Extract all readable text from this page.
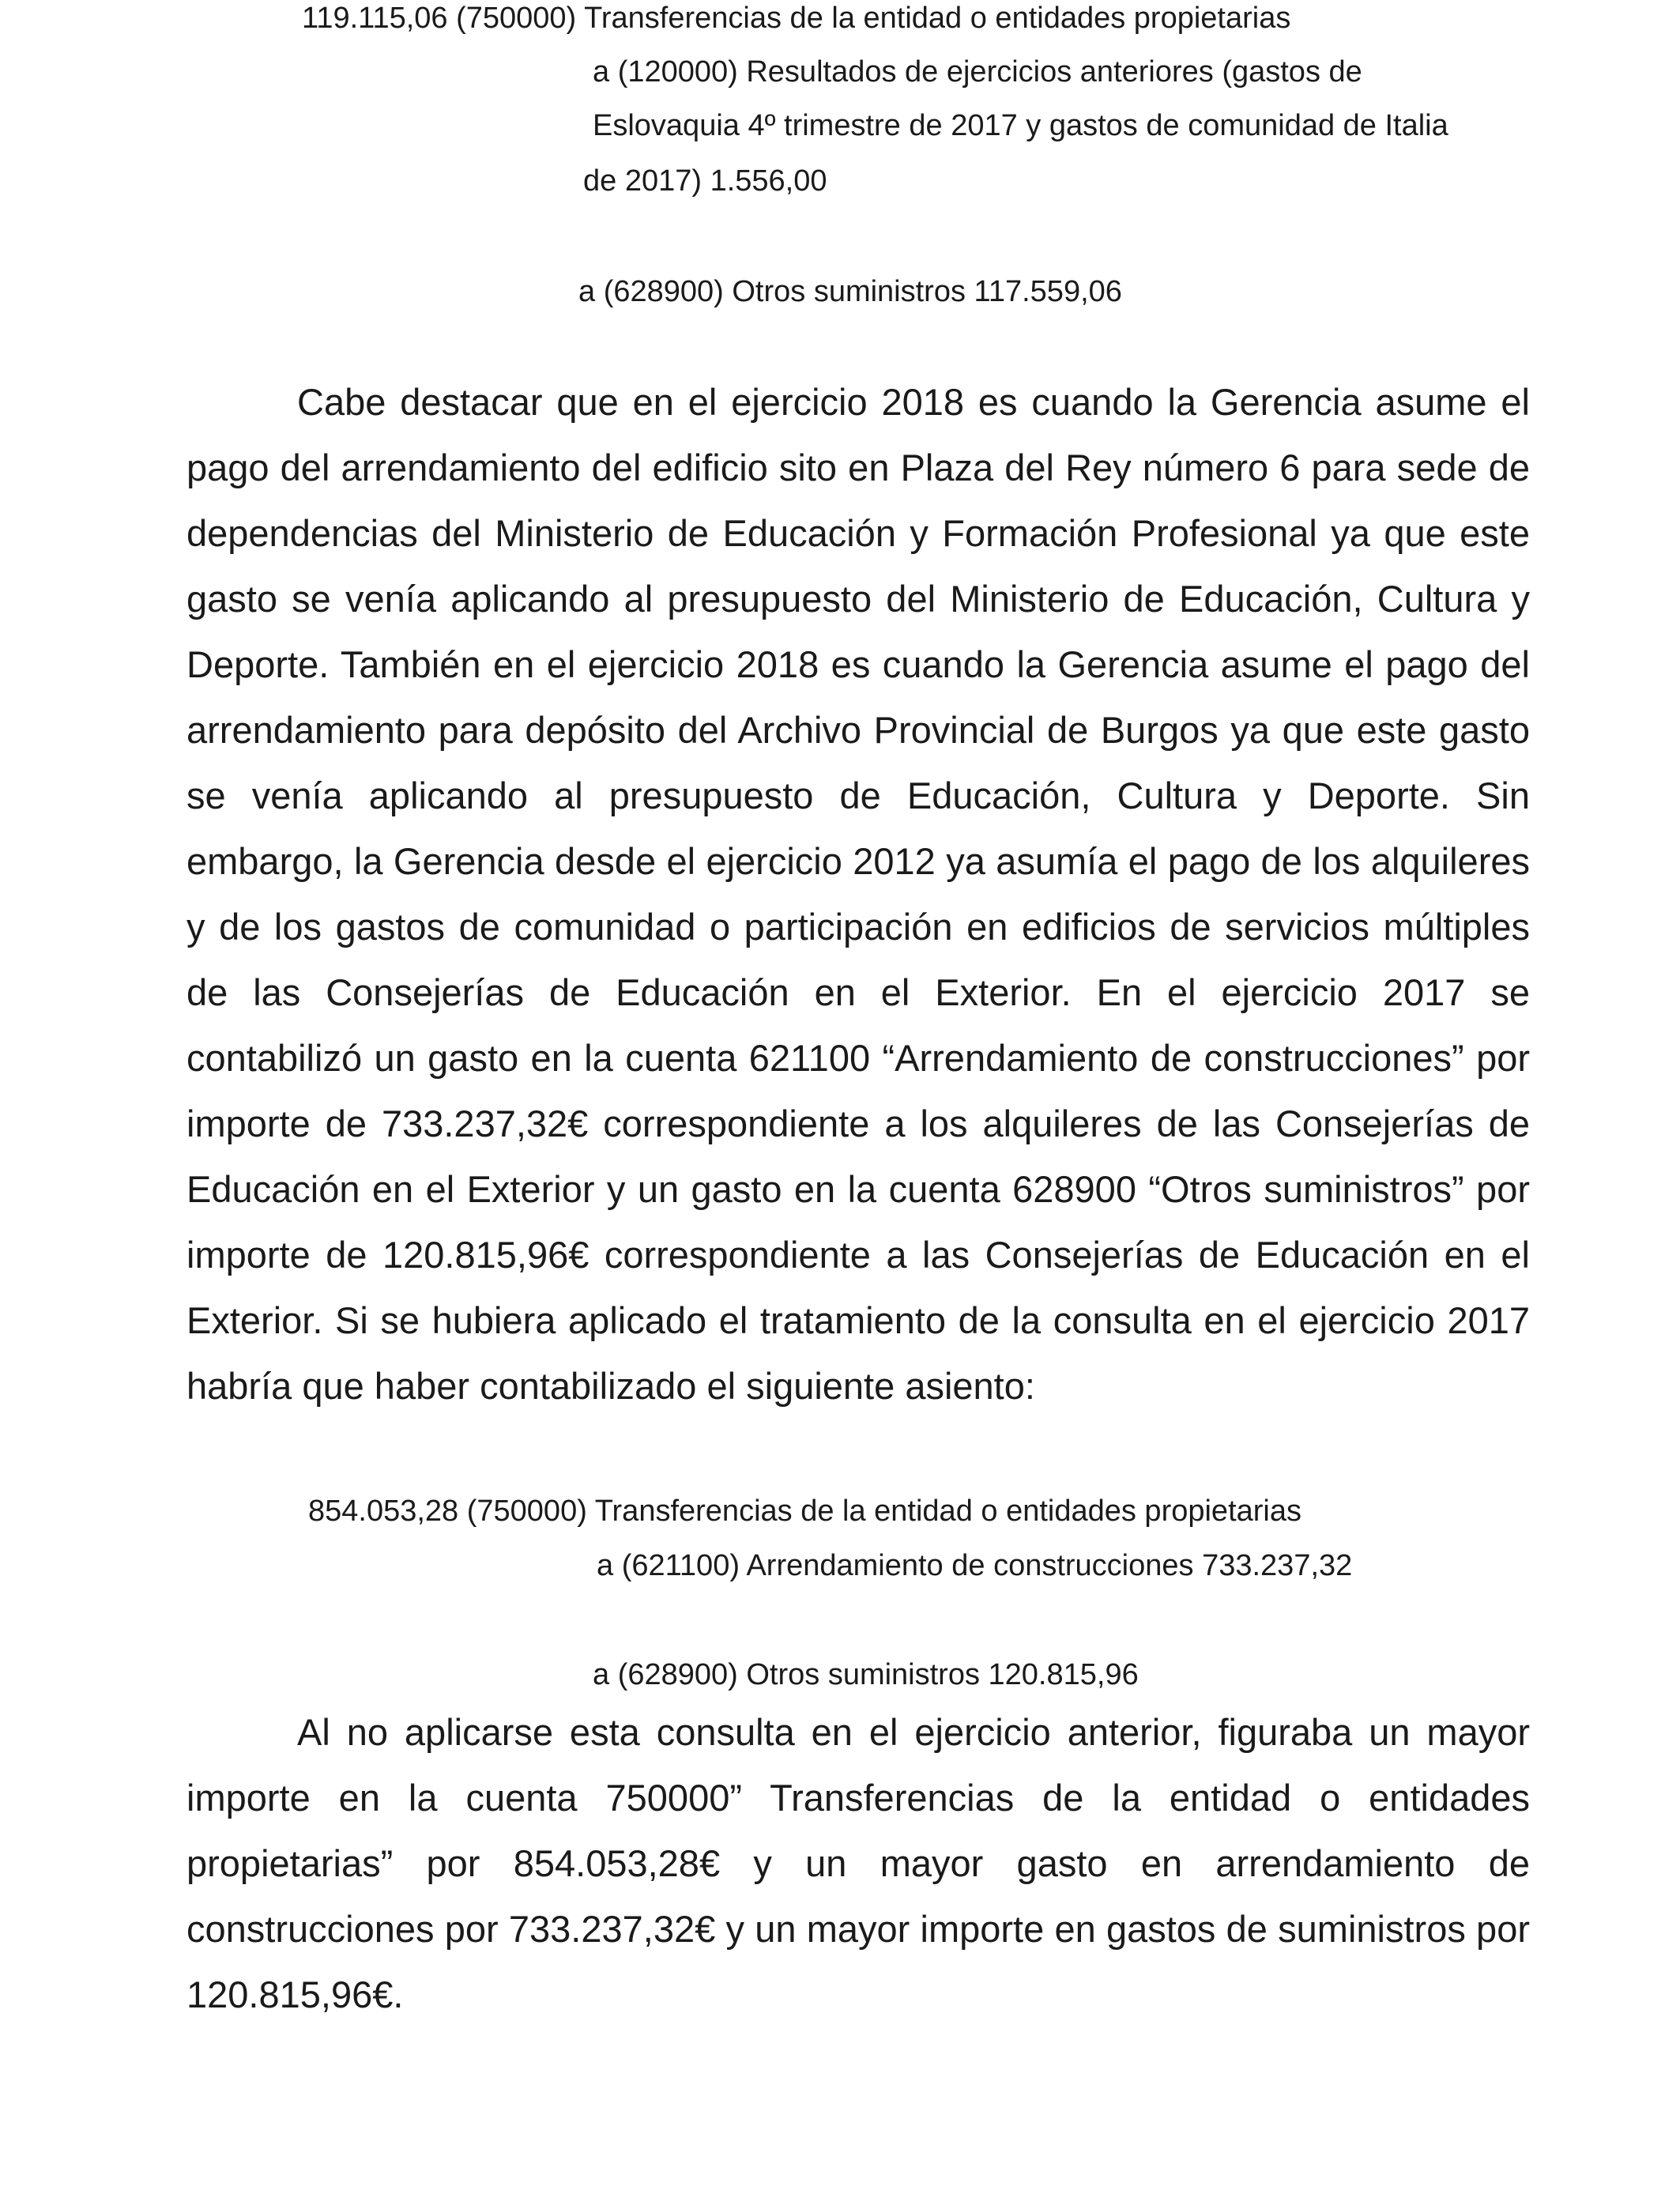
119.115,06 (750000) Transferencias de la entidad o entidades propietarias
a (120000) Resultados de ejercicios anteriores (gastos de
Eslovaquia 4º trimestre de 2017 y gastos de comunidad de Italia
de 2017) 1.556,00
a (628900) Otros suministros 117.559,06

Cabe destacar que en el ejercicio 2018 es cuando la Gerencia asume el pago del arrendamiento del edificio sito en Plaza del Rey número 6 para sede de dependencias del Ministerio de Educación y Formación Profesional ya que este gasto se venía aplicando al presupuesto del Ministerio de Educación, Cultura y Deporte. También en el ejercicio 2018 es cuando la Gerencia asume el pago del arrendamiento para depósito del Archivo Provincial de Burgos ya que este gasto se venía aplicando al presupuesto de Educación, Cultura y Deporte. Sin embargo, la Gerencia desde el ejercicio 2012 ya asumía el pago de los alquileres y de los gastos de comunidad o participación en edificios de servicios múltiples de las Consejerías de Educación en el Exterior. En el ejercicio 2017 se contabilizó un gasto en la cuenta 621100 “Arrendamiento de construcciones” por importe de 733.237,32€ correspondiente a los alquileres de las Consejerías de Educación en el Exterior y un gasto en la cuenta 628900 “Otros suministros” por importe de 120.815,96€ correspondiente a las Consejerías de Educación en el Exterior. Si se hubiera aplicado el tratamiento de la consulta en el ejercicio 2017 habría que haber contabilizado el siguiente asiento:

854.053,28 (750000) Transferencias de la entidad o entidades propietarias
a (621100) Arrendamiento de construcciones 733.237,32
a (628900) Otros suministros 120.815,96

Al no aplicarse esta consulta en el ejercicio anterior, figuraba un mayor importe en la cuenta 750000” Transferencias de la entidad o entidades propietarias” por 854.053,28€ y un mayor gasto en arrendamiento de construcciones por 733.237,32€ y un mayor importe en gastos de suministros por 120.815,96€.
